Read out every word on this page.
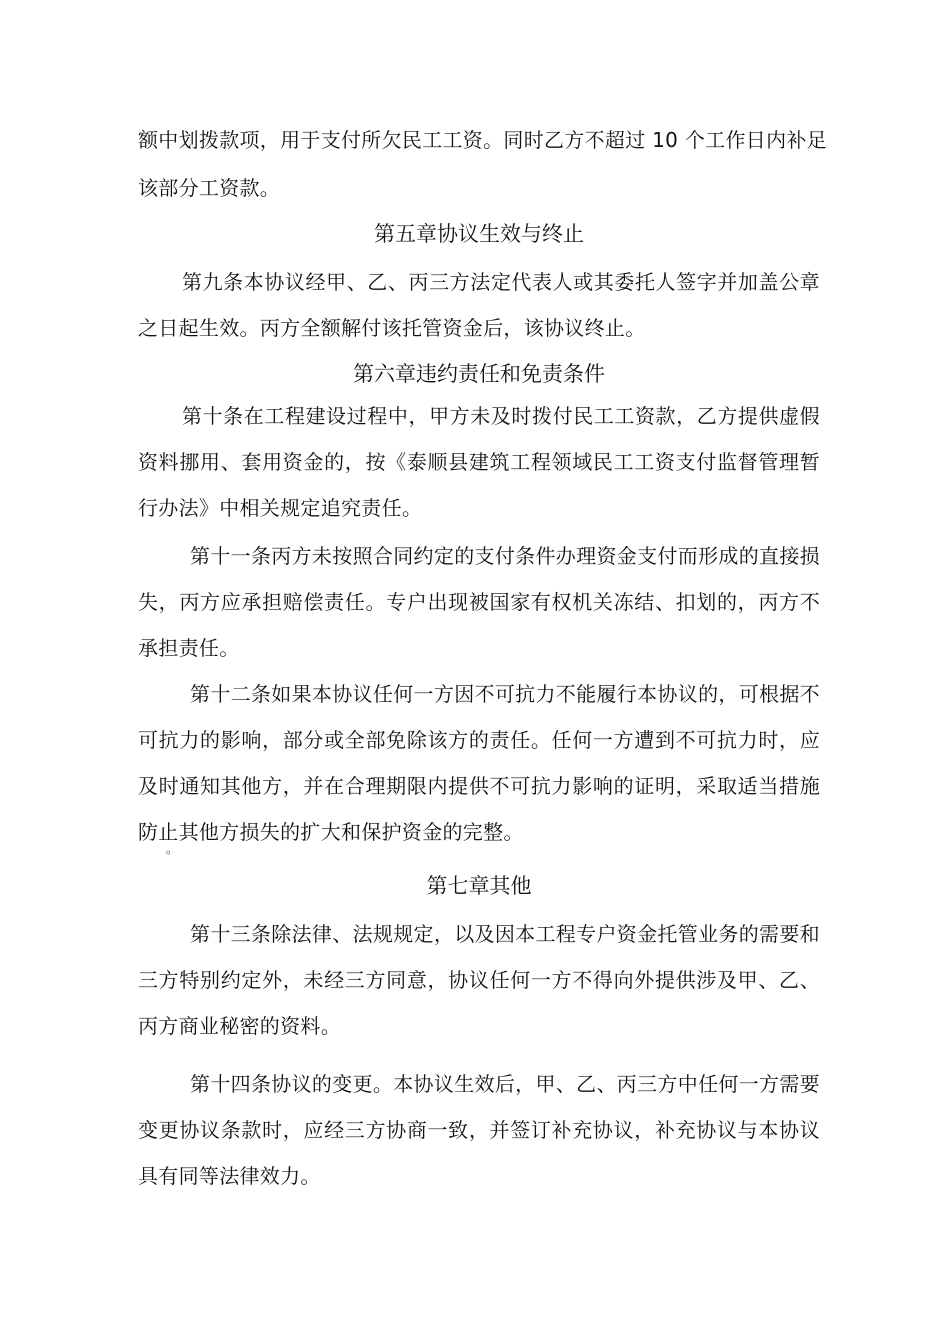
额中划拨款项，用于支付所欠民工工资。同时乙方不超过 10 个工作日内补足
该部分工资款。
第五章协议生效与终止
第九条本协议经甲、乙、丙三方法定代表人或其委托人签字并加盖公章
之日起生效。丙方全额解付该托管资金后，该协议终止。
第六章违约责任和免责条件
第十条在工程建设过程中，甲方未及时拨付民工工资款，乙方提供虚假
资料挪用、套用资金的，按《泰顺县建筑工程领域民工工资支付监督管理暂
行办法》中相关规定追究责任。
第十一条丙方未按照合同约定的支付条件办理资金支付而形成的直接损
失，丙方应承担赔偿责任。专户出现被国家有权机关冻结、扣划的，丙方不
承担责任。
第十二条如果本协议任何一方因不可抗力不能履行本协议的，可根据不
可抗力的影响，部分或全部免除该方的责任。任何一方遭到不可抗力时，应
及时通知其他方，并在合理期限内提供不可抗力影响的证明，采取适当措施
防止其他方损失的扩大和保护资金的完整。
。
第七章其他
第十三条除法律、法规规定，以及因本工程专户资金托管业务的需要和
三方特别约定外，未经三方同意，协议任何一方不得向外提供涉及甲、乙、
丙方商业秘密的资料。
第十四条协议的变更。本协议生效后，甲、乙、丙三方中任何一方需要
变更协议条款时，应经三方协商一致，并签订补充协议，补充协议与本协议
具有同等法律效力。
